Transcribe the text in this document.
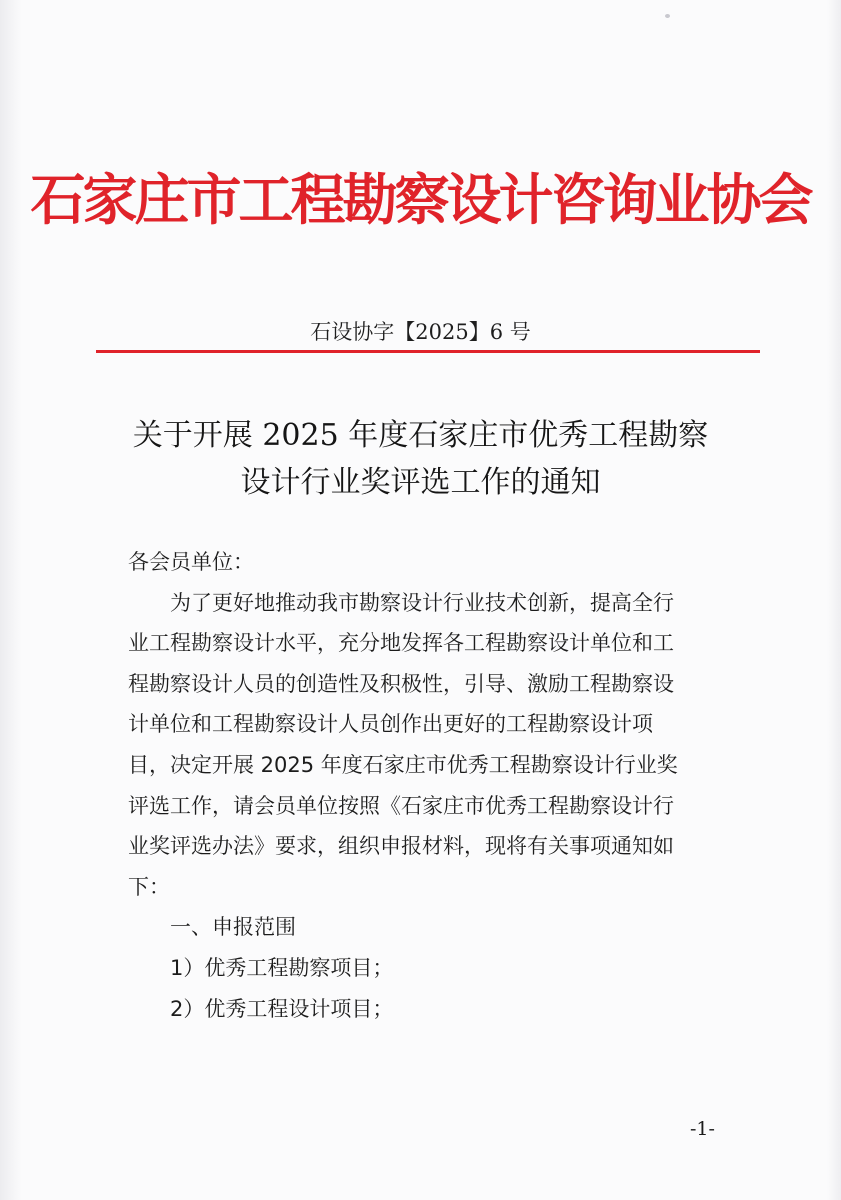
石家庄市工程勘察设计咨询业协会
石设协字【2025】6 号
关于开展 2025 年度石家庄市优秀工程勘察
设计行业奖评选工作的通知
各会员单位：
为了更好地推动我市勘察设计行业技术创新，提高全行
业工程勘察设计水平，充分地发挥各工程勘察设计单位和工
程勘察设计人员的创造性及积极性，引导、激励工程勘察设
计单位和工程勘察设计人员创作出更好的工程勘察设计项
目，决定开展 2025 年度石家庄市优秀工程勘察设计行业奖
评选工作，请会员单位按照《石家庄市优秀工程勘察设计行
业奖评选办法》要求，组织申报材料，现将有关事项通知如
下：
一、申报范围
1）优秀工程勘察项目；
2）优秀工程设计项目；
-1-
